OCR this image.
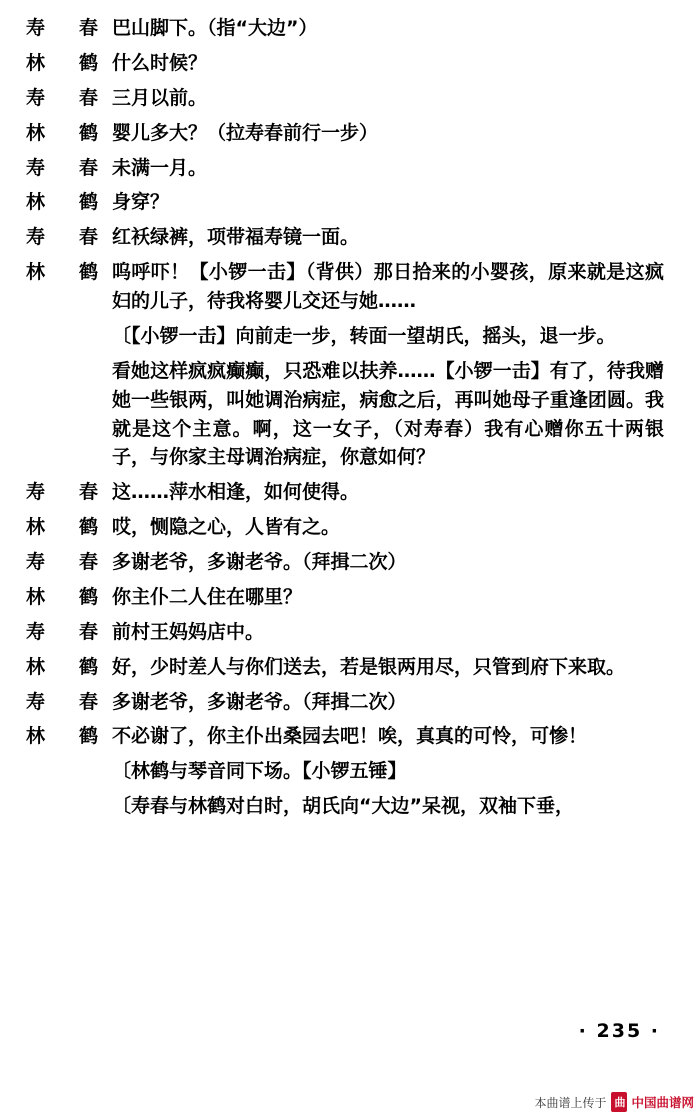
寿 春 巴山脚下。（指“大边”）
林 鹤 什么时候？
寿 春 三月以前。
林 鹤 婴儿多大？（拉寿春前行一步）
寿 春 未满一月。
林 鹤 身穿？
寿 春 红袄绿裤，项带福寿镜一面。
林 鹤 呜呼吓！【小锣一击】（背供）那日拾来的小婴孩，原来就是这疯妇的儿子，待我将婴儿交还与她……
〔【小锣一击】向前走一步，转面一望胡氏，摇头，退一步。
看她这样疯疯癫癫，只恐难以扶养……【小锣一击】有了，待我赠她一些银两，叫她调治病症，病愈之后，再叫她母子重逢团圆。我就是这个主意。啊，这一女子，（对寿春）我有心赠你五十两银子，与你家主母调治病症，你意如何？
寿 春 这……萍水相逢，如何使得。
林 鹤 哎，恻隐之心，人皆有之。
寿 春 多谢老爷，多谢老爷。（拜揖二次）
林 鹤 你主仆二人住在哪里？
寿 春 前村王妈妈店中。
林 鹤 好，少时差人与你们送去，若是银两用尽，只管到府下来取。
寿 春 多谢老爷，多谢老爷。（拜揖二次）
林 鹤 不必谢了，你主仆出桑园去吧！唉，真真的可怜，可惨！
〔林鹤与琴音同下场。【小锣五锤】
〔寿春与林鹤对白时，胡氏向“大边”呆视，双袖下垂，
· 235 ·
本曲谱上传于 曲 中国曲谱网
